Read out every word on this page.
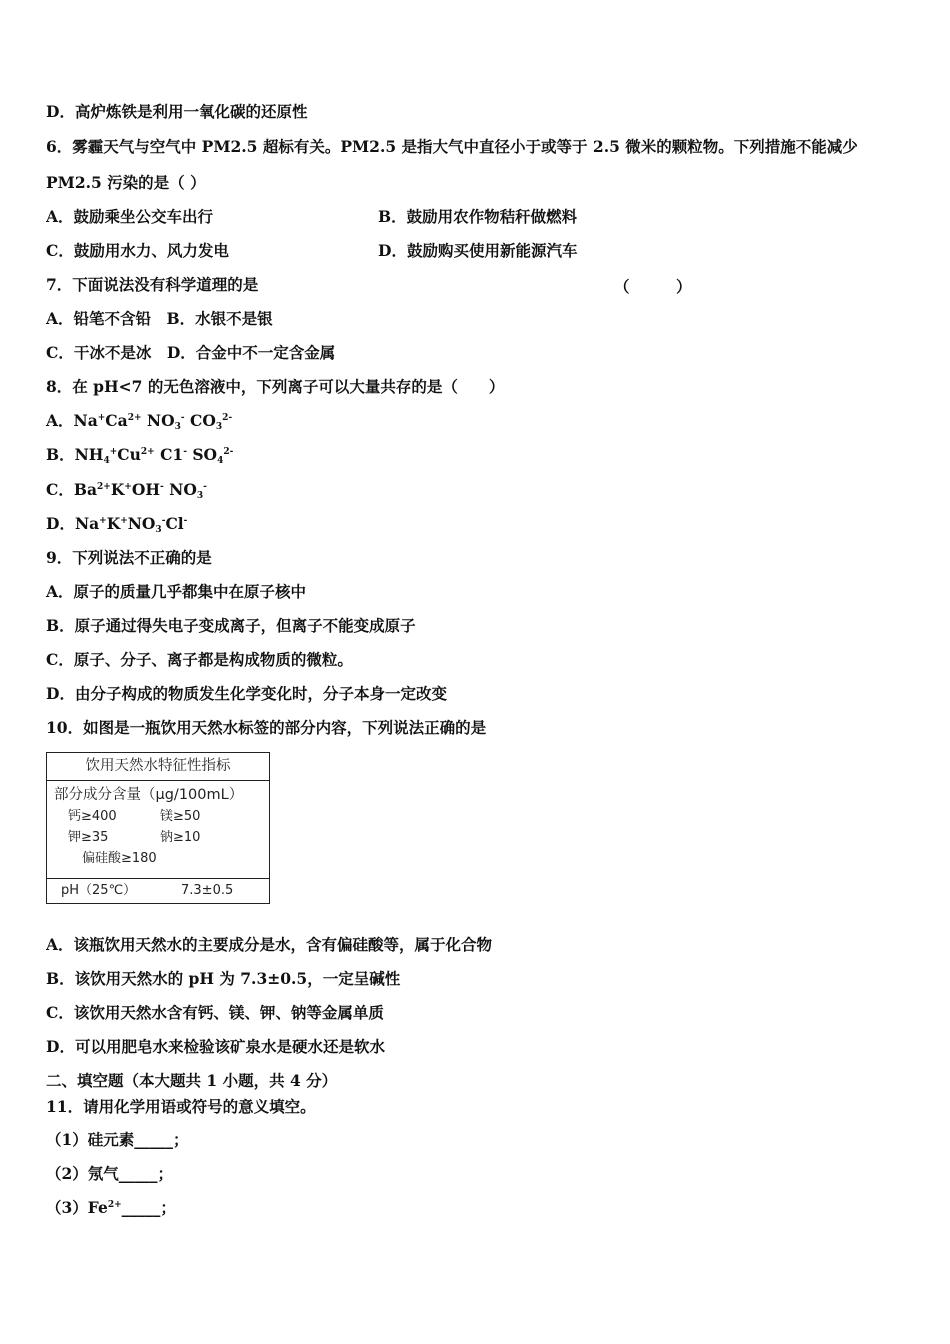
D．高炉炼铁是利用一氧化碳的还原性
6．雾霾天气与空气中 PM2.5 超标有关。PM2.5 是指大气中直径小于或等于 2.5 微米的颗粒物。下列措施不能减少
PM2.5 污染的是（ ）
A．鼓励乘坐公交车出行	B．鼓励用农作物秸秆做燃料
C．鼓励用水力、风力发电	D．鼓励购买使用新能源汽车
7．下面说法没有科学道理的是	（　　　）
A．铅笔不含铅　B．水银不是银
C．干冰不是冰　D．合金中不一定含金属
8．在 pH<7 的无色溶液中，下列离子可以大量共存的是（　　）
A．$Na^+Ca^{2+}$ $NO_3^-$ $CO_3^{2-}$
B．$NH_4^+Cu^{2+}$ C1- $SO_4^{2-}$
C．$Ba^{2+}K^+OH^-$ $NO_3^-$
D．$Na^+K^+NO_3^-Cl^-$
9．下列说法不正确的是
A．原子的质量几乎都集中在原子核中
B．原子通过得失电子变成离子，但离子不能变成原子
C．原子、分子、离子都是构成物质的微粒。
D．由分子构成的物质发生化学变化时，分子本身一定改变
10．如图是一瓶饮用天然水标签的部分内容，下列说法正确的是
饮用天然水特征性指标
部分成分含量（μg/100mL）
钙≥400	镁≥50
钾≥35	钠≥10
偏硅酸≥180
pH（25℃）	7.3±0.5
A．该瓶饮用天然水的主要成分是水，含有偏硅酸等，属于化合物
B．该饮用天然水的 pH 为 7.3±0.5，一定呈碱性
C．该饮用天然水含有钙、镁、钾、钠等金属单质
D．可以用肥皂水来检验该矿泉水是硬水还是软水
二、填空题（本大题共 1 小题，共 4 分）
11．请用化学用语或符号的意义填空。
（1）硅元素_____；
（2）氖气_____；
$(3)Fe^{2+}\_\_\_\_\_$；
